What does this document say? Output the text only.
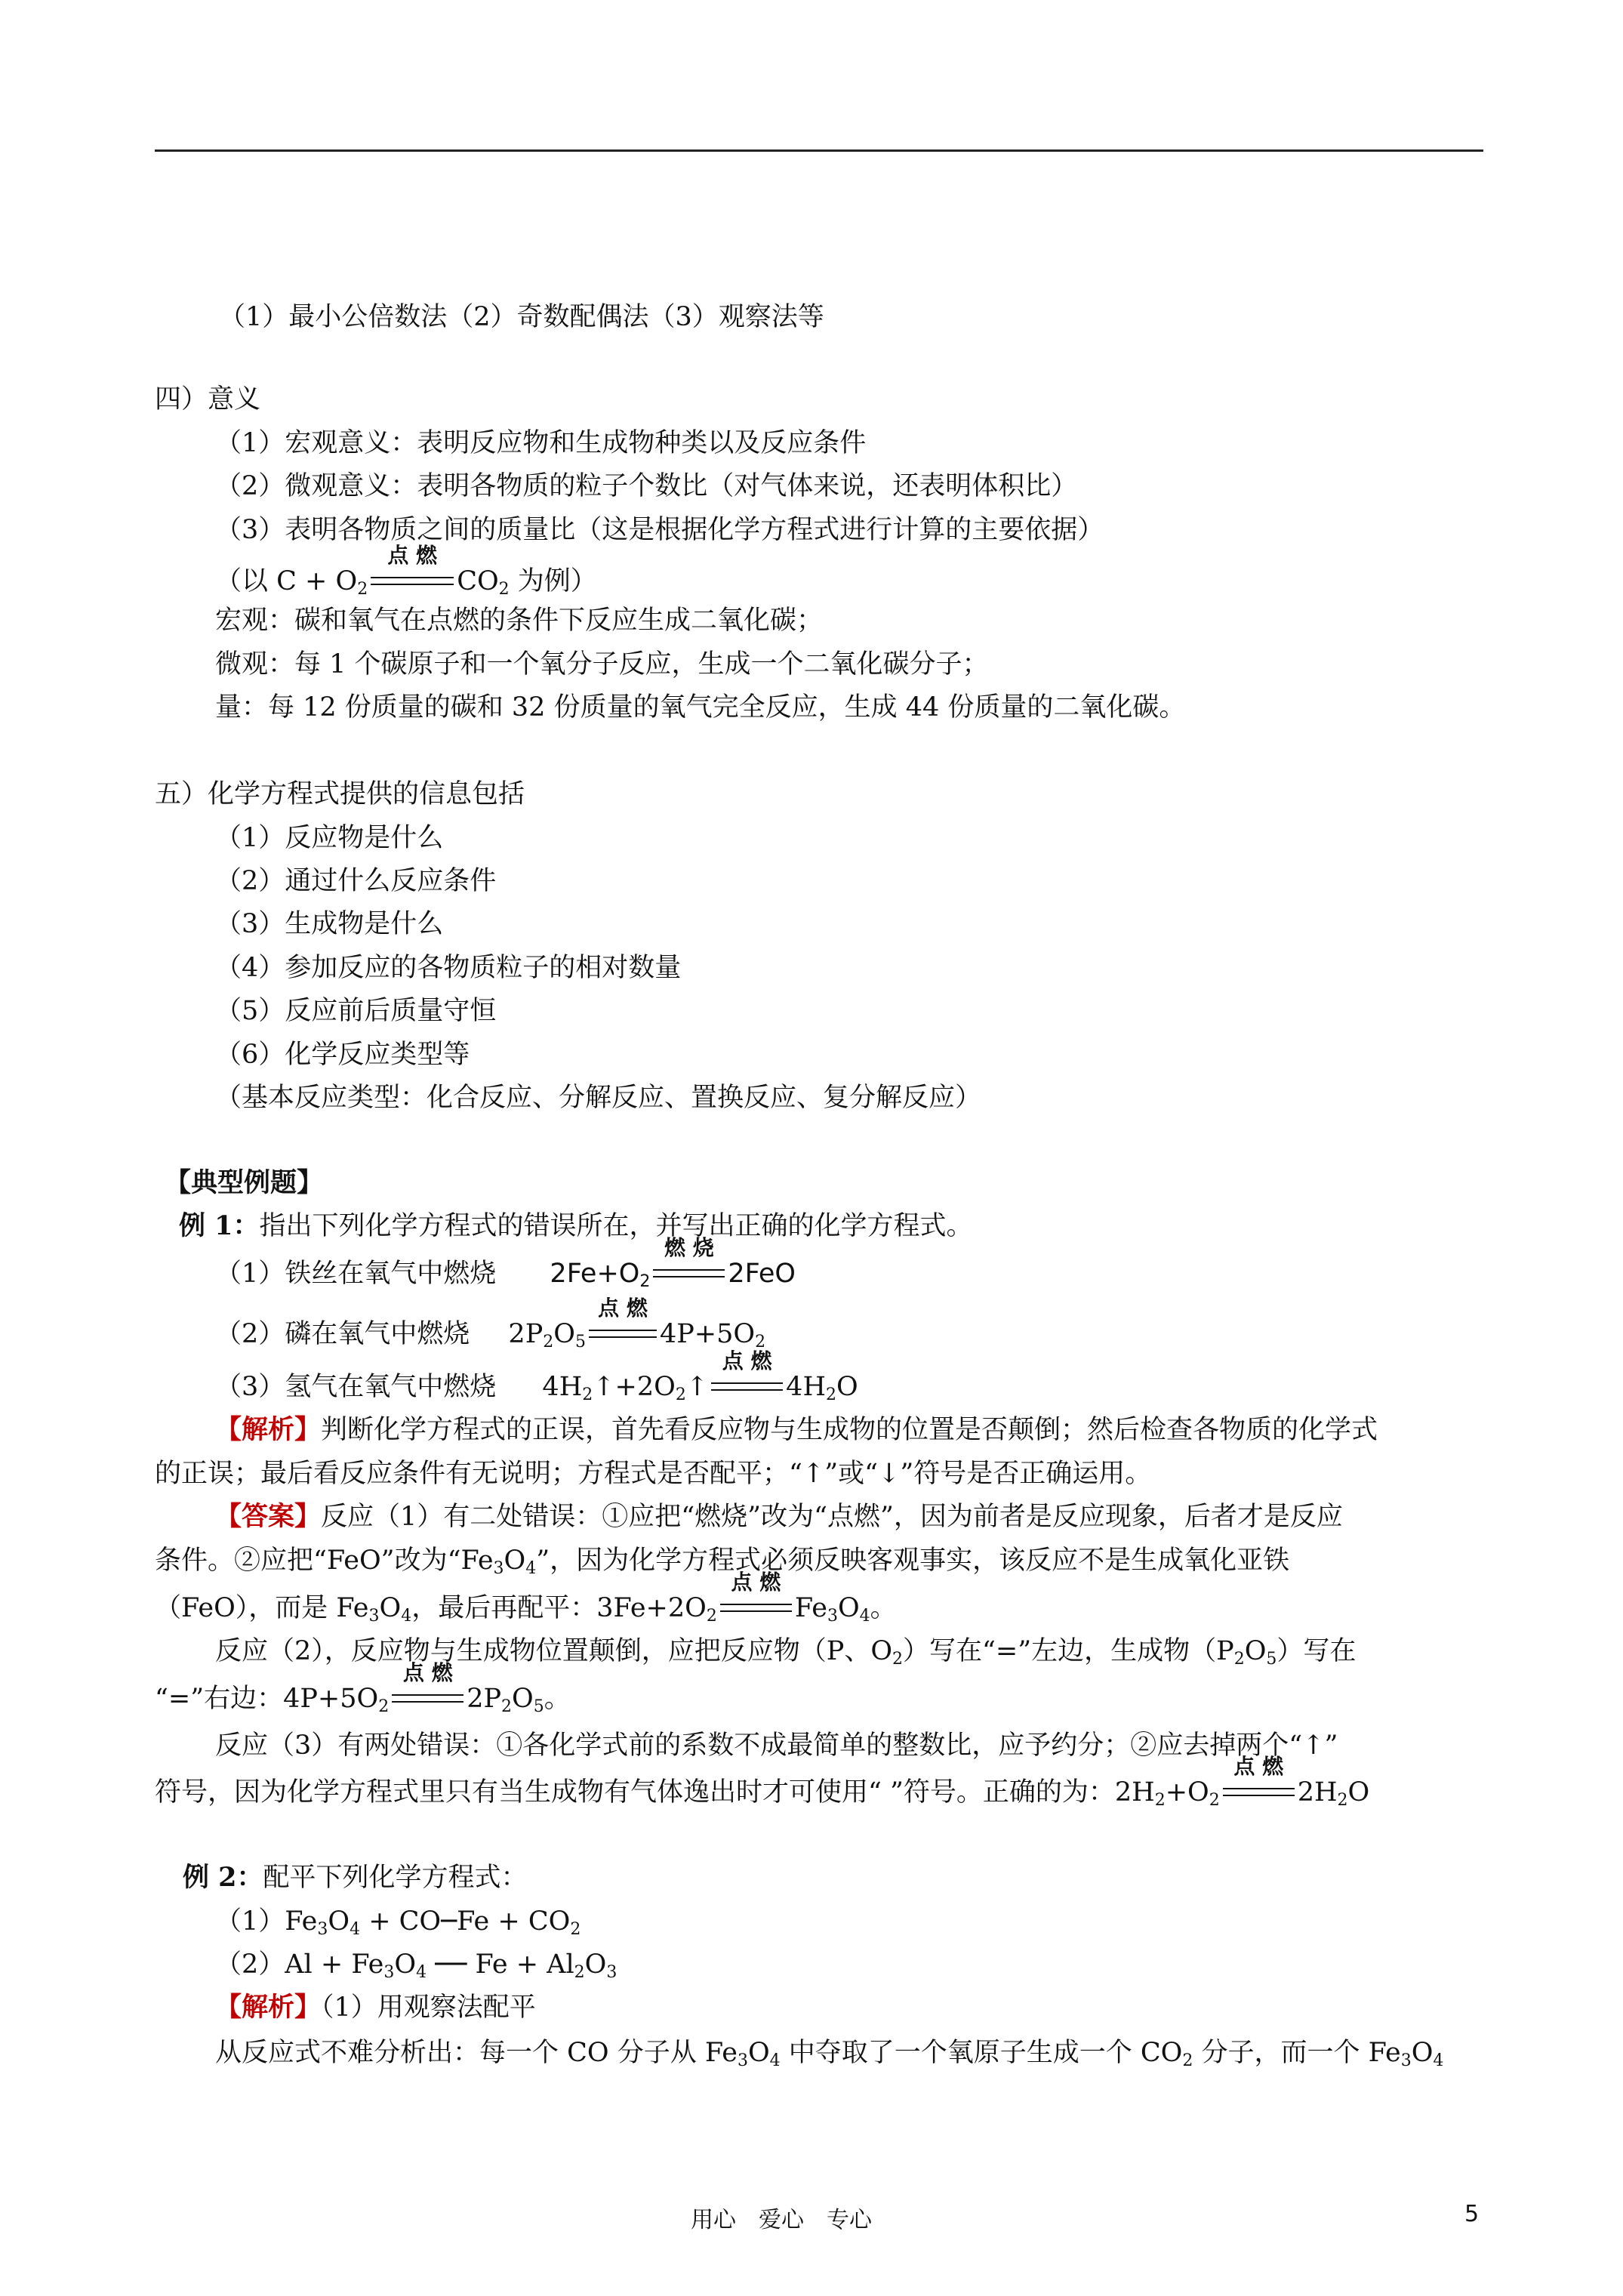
（1）最小公倍数法（2）奇数配偶法（3）观察法等
四）意义
（1）宏观意义：表明反应物和生成物种类以及反应条件
（2）微观意义：表明各物质的粒子个数比（对气体来说，还表明体积比）
（3）表明各物质之间的质量比（这是根据化学方程式进行计算的主要依据）
（以 $C + O_2$
点 燃
$CO_2$ 为例）
宏观：碳和氧气在点燃的条件下反应生成二氧化碳；
微观：每 1 个碳原子和一个氧分子反应，生成一个二氧化碳分子；
量：每 12 份质量的碳和 32 份质量的氧气完全反应，生成 44 份质量的二氧化碳。
五）化学方程式提供的信息包括
（1）反应物是什么
（2）通过什么反应条件
（3）生成物是什么
（4）参加反应的各物质粒子的相对数量
（5）反应前后质量守恒
（6）化学反应类型等
（基本反应类型：化合反应、分解反应、置换反应、复分解反应）
【典型例题】
例 1：指出下列化学方程式的错误所在，并写出正确的化学方程式。
（1）铁丝在氧气中燃烧 $2Fe+O_2$
燃 烧
2FeO
（2）磷在氧气中燃烧 $2P_2O_5$
点 燃
$4P+5O_2$
（3）氢气在氧气中燃烧 $4H_2↑+2O_2↑$
点 燃
$4H_2O$
【解析】判断化学方程式的正误，首先看反应物与生成物的位置是否颠倒；然后检查各物质的化学式
的正误；最后看反应条件有无说明；方程式是否配平；“↑”或“↓”符号是否正确运用。
【答案】反应（1）有二处错误：①应把“燃烧”改为“点燃”，因为前者是反应现象，后者才是反应
条件。②应把“FeO”改为“$Fe_3O_4$”，因为化学方程式必须反映客观事实，该反应不是生成氧化亚铁
（FeO），而是 $Fe_3O_4$，最后再配平：$3Fe+2O_2$
点 燃
$Fe_3O_4$。
反应（2），反应物与生成物位置颠倒，应把反应物（P、$O_2$）写在“=”左边，生成物$(P_2O_5)$写在
“=”右边：$4P+5O_2$
点 燃
$2P_2O_5$。
反应（3）有两处错误：①各化学式前的系数不成最简单的整数比，应予约分；②应去掉两个“↑”
符号，因为化学方程式里只有当生成物有气体逸出时才可使用“ ”符号。正确的为：$2H_2+O_2$
点 燃
$2H_2O$
例 2：配平下列化学方程式：
$(1)Fe_3O_4$ + CO─Fe + $CO_2$
$(2)Al + Fe_3O_4$ ── $Fe + Al_2O_3$
【解析】（1）用观察法配平
从反应式不难分析出：每一个 CO 分子从 $Fe_3O_4$ 中夺取了一个氧原子生成一个 $CO_2$ 分子，而一个 $Fe_3O_4$
用心　爱心　专心	5
